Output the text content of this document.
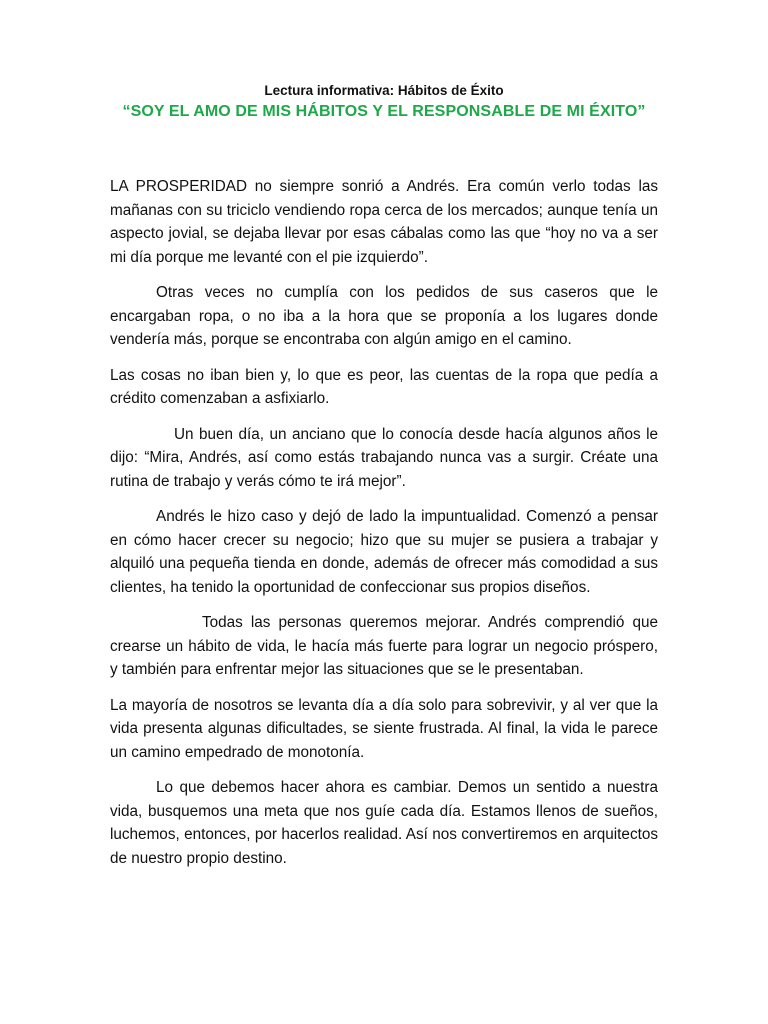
Lectura informativa: Hábitos de Éxito
“SOY EL AMO DE MIS HÁBITOS Y EL RESPONSABLE DE MI ÉXITO”

LA PROSPERIDAD no siempre sonrió a Andrés. Era común verlo todas las mañanas con su triciclo vendiendo ropa cerca de los mercados; aunque tenía un aspecto jovial, se dejaba llevar por esas cábalas como las que “hoy no va a ser mi día porque me levanté con el pie izquierdo”.

Otras veces no cumplía con los pedidos de sus caseros que le encargaban ropa, o no iba a la hora que se proponía a los lugares donde vendería más, porque se encontraba con algún amigo en el camino.

Las cosas no iban bien y, lo que es peor, las cuentas de la ropa que pedía a crédito comenzaban a asfixiarlo.

Un buen día, un anciano que lo conocía desde hacía algunos años le dijo: “Mira, Andrés, así como estás trabajando nunca vas a surgir. Créate una rutina de trabajo y verás cómo te irá mejor”.

Andrés le hizo caso y dejó de lado la impuntualidad. Comenzó a pensar en cómo hacer crecer su negocio; hizo que su mujer se pusiera a trabajar y alquiló una pequeña tienda en donde, además de ofrecer más comodidad a sus clientes, ha tenido la oportunidad de confeccionar sus propios diseños.

Todas las personas queremos mejorar. Andrés comprendió que crearse un hábito de vida, le hacía más fuerte para lograr un negocio próspero, y también para enfrentar mejor las situaciones que se le presentaban.

La mayoría de nosotros se levanta día a día solo para sobrevivir, y al ver que la vida presenta algunas dificultades, se siente frustrada. Al final, la vida le parece un camino empedrado de monotonía.

Lo que debemos hacer ahora es cambiar. Demos un sentido a nuestra vida, busquemos una meta que nos guíe cada día. Estamos llenos de sueños, luchemos, entonces, por hacerlos realidad. Así nos convertiremos en arquitectos de nuestro propio destino.
